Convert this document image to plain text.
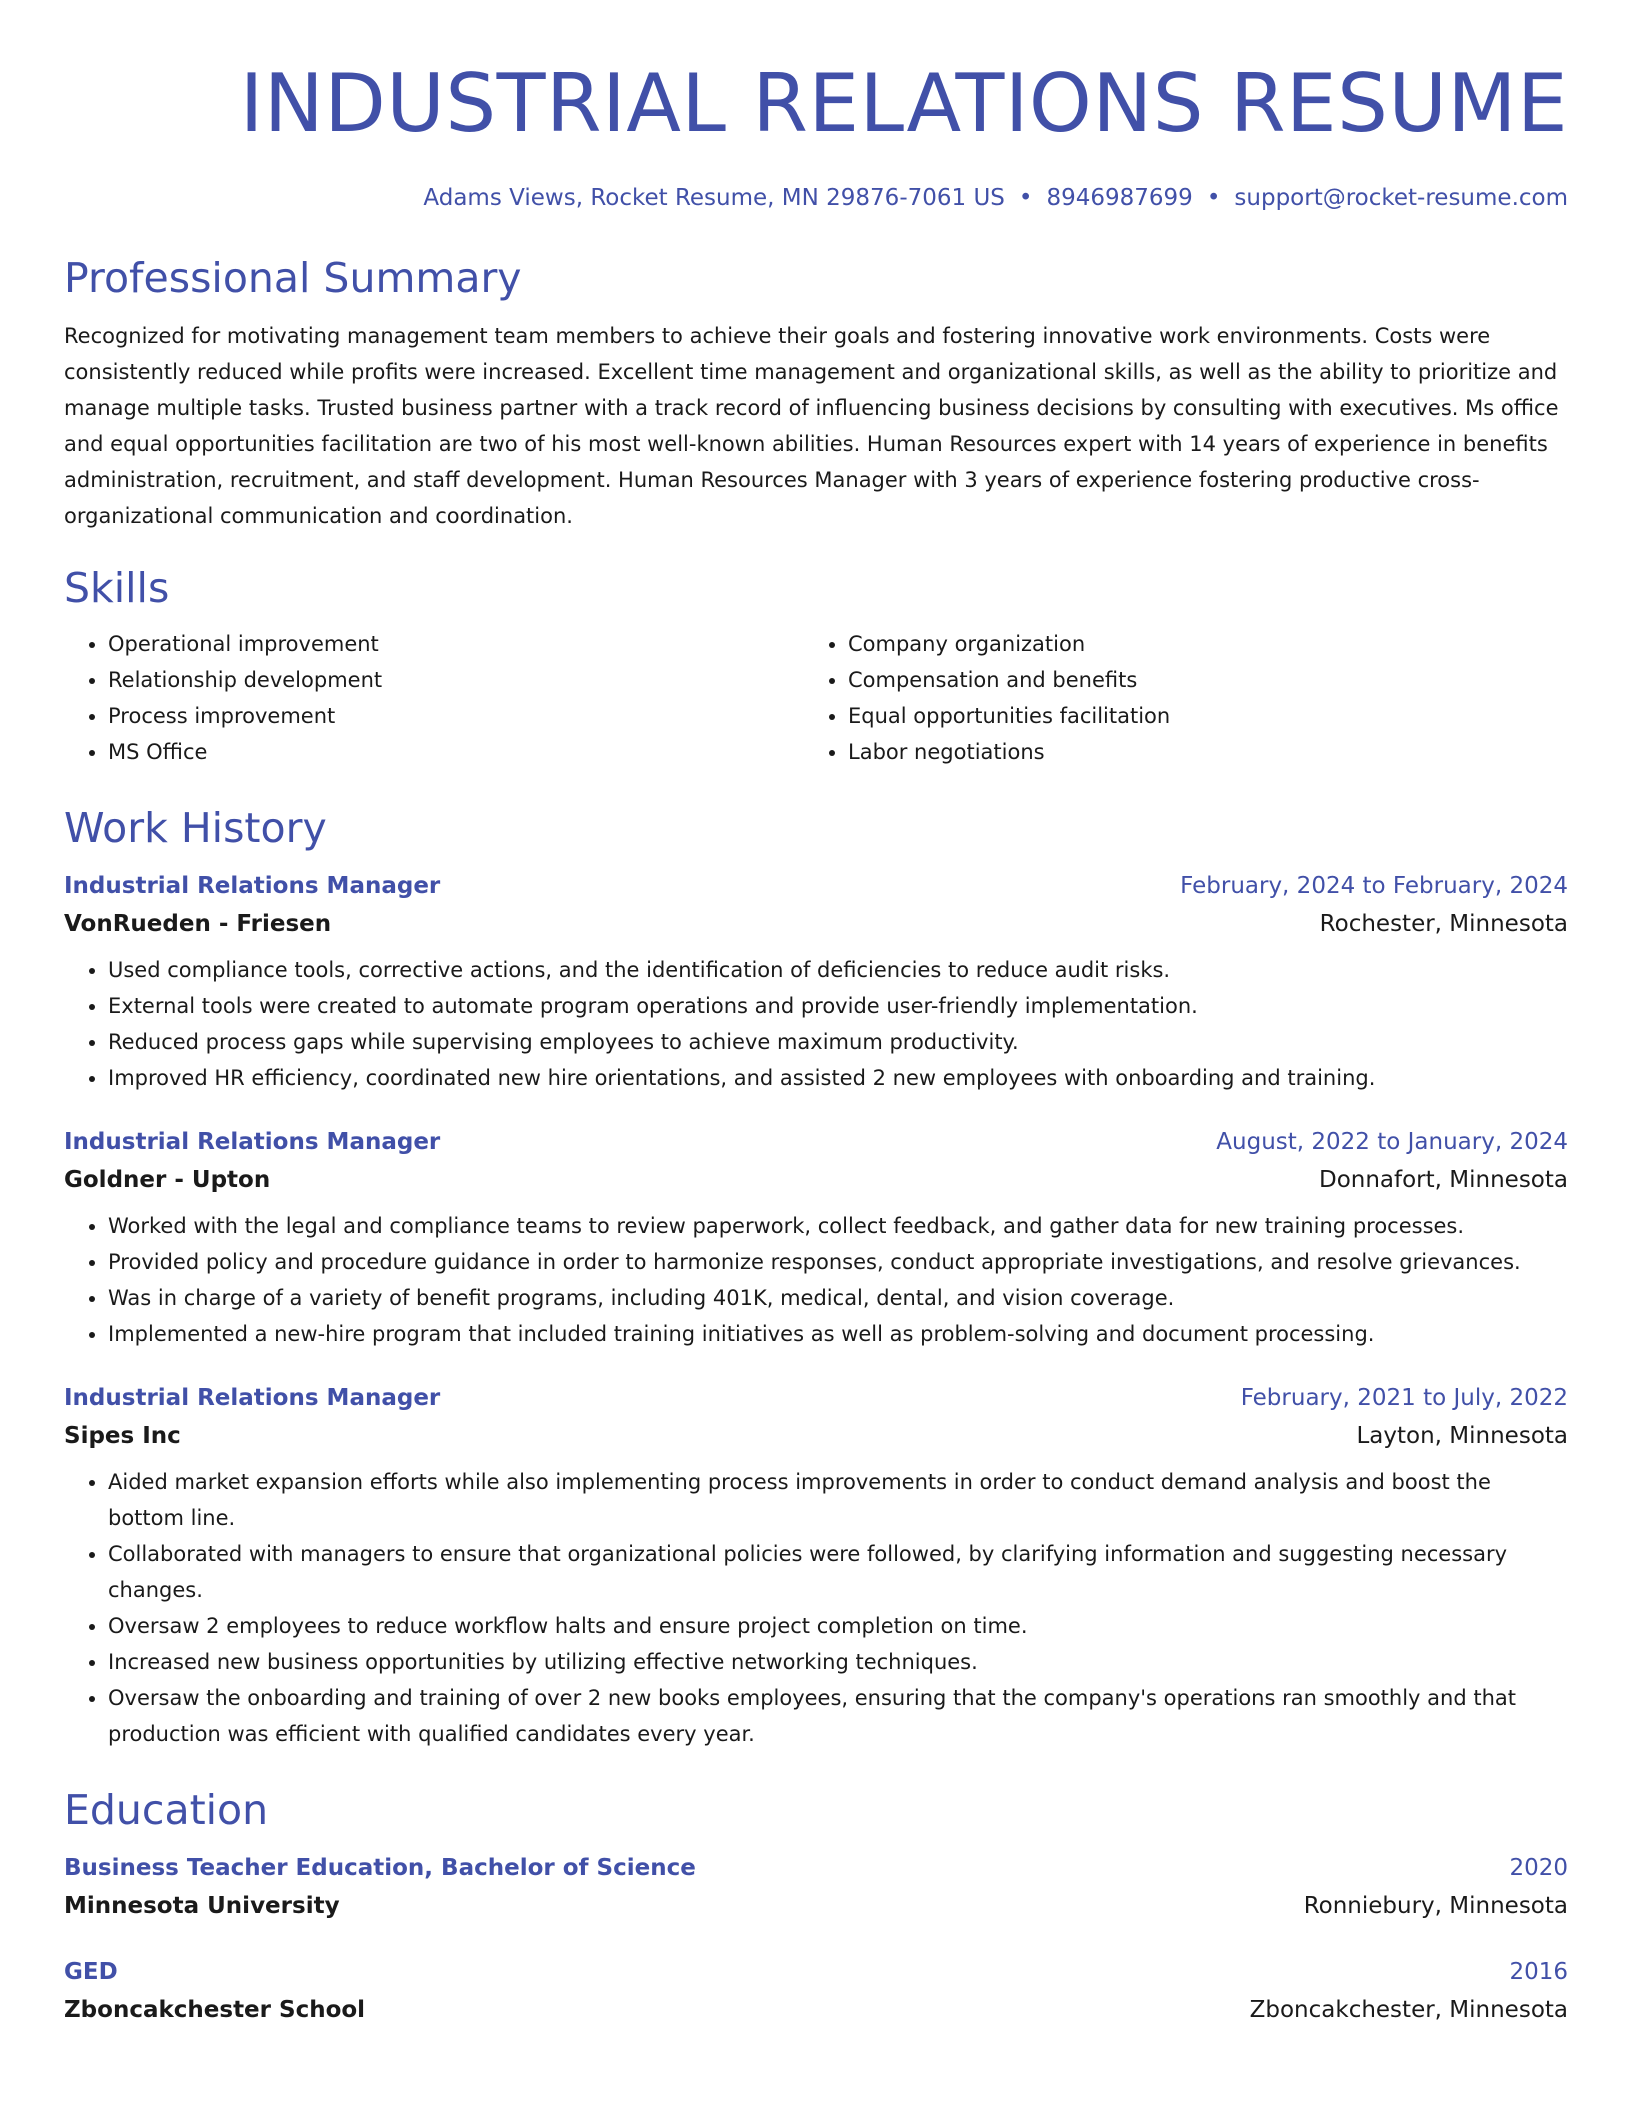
INDUSTRIAL RELATIONS RESUME
Adams Views, Rocket Resume, MN 29876-7061 US • 8946987699 • support@rocket-resume.com
Professional Summary

Recognized for motivating management team members to achieve their goals and fostering innovative work environments. Costs were consistently reduced while profits were increased. Excellent time management and organizational skills, as well as the ability to prioritize and manage multiple tasks. Trusted business partner with a track record of influencing business decisions by consulting with executives. Ms office and equal opportunities facilitation are two of his most well-known abilities. Human Resources expert with 14 years of experience in benefits administration, recruitment, and staff development. Human Resources Manager with 3 years of experience fostering productive cross-organizational communication and coordination.

Skills
• Operational improvement
• Relationship development
• Process improvement
• MS Office
• Company organization
• Compensation and benefits
• Equal opportunities facilitation
• Labor negotiations
Work History
Industrial Relations Manager	February, 2024 to February, 2024
VonRueden - Friesen	Rochester, Minnesota
• Used compliance tools, corrective actions, and the identification of deficiencies to reduce audit risks.
• External tools were created to automate program operations and provide user-friendly implementation.
• Reduced process gaps while supervising employees to achieve maximum productivity.
• Improved HR efficiency, coordinated new hire orientations, and assisted 2 new employees with onboarding and training.
Industrial Relations Manager	August, 2022 to January, 2024
Goldner - Upton	Donnafort, Minnesota
• Worked with the legal and compliance teams to review paperwork, collect feedback, and gather data for new training processes.
• Provided policy and procedure guidance in order to harmonize responses, conduct appropriate investigations, and resolve grievances.
• Was in charge of a variety of benefit programs, including 401K, medical, dental, and vision coverage.
• Implemented a new-hire program that included training initiatives as well as problem-solving and document processing.
Industrial Relations Manager	February, 2021 to July, 2022
Sipes Inc	Layton, Minnesota
• Aided market expansion efforts while also implementing process improvements in order to conduct demand analysis and boost the bottom line.
• Collaborated with managers to ensure that organizational policies were followed, by clarifying information and suggesting necessary changes.
• Oversaw 2 employees to reduce workflow halts and ensure project completion on time.
• Increased new business opportunities by utilizing effective networking techniques.
• Oversaw the onboarding and training of over 2 new books employees, ensuring that the company's operations ran smoothly and that production was efficient with qualified candidates every year.
Education
Business Teacher Education, Bachelor of Science	2020
Minnesota University	Ronniebury, Minnesota
GED	2016
Zboncakchester School	Zboncakchester, Minnesota
